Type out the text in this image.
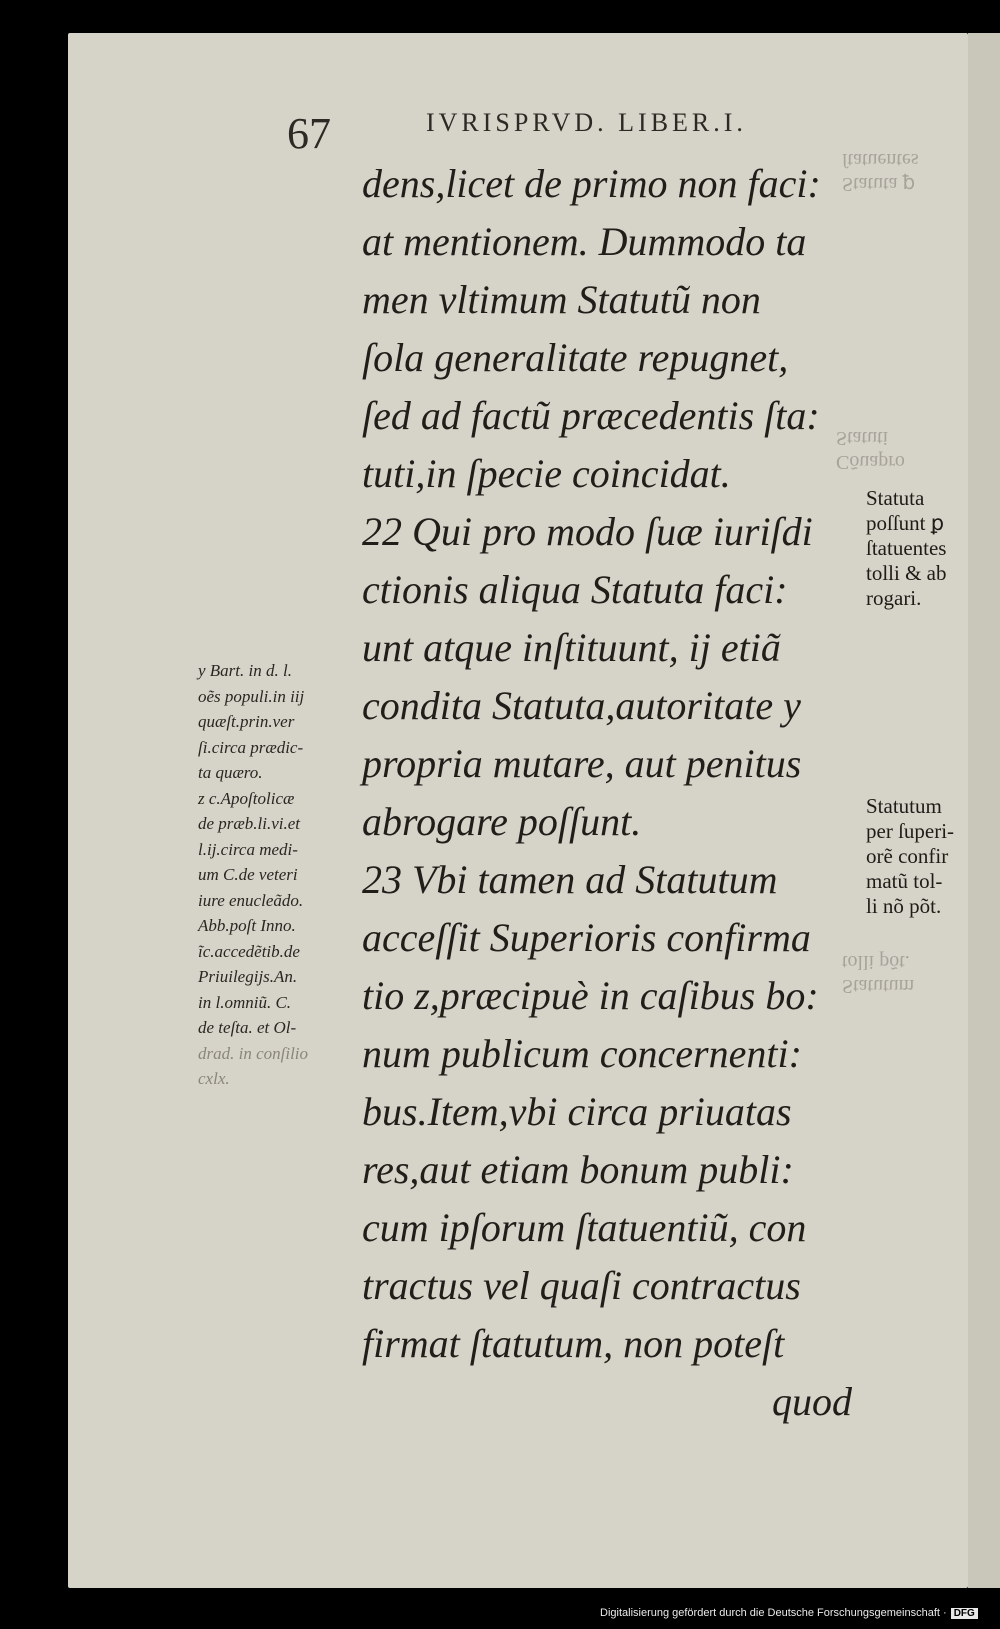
Statuta ꝑ
ſtatuentes
Cõuapro
Statuti
Statutum
tolli põt.
67	IVRISPRVD. LIBER.I.
dens,licet de primo non faci:
at mentionem. Dummodo ta
men vltimum Statutũ non
ſola generalitate repugnet,
ſed ad factũ præcedentis ſta:
tuti,in ſpecie coincidat.
22 Qui pro modo ſuæ iuriſdi
ctionis aliqua Statuta faci:
unt atque inſtituunt, ij etiã
condita Statuta,autoritate y
propria mutare, aut penitus
abrogare poſſunt.
23 Vbi tamen ad Statutum
acceſſit Superioris confirma
tio z,præcipuè in caſibus bo:
num publicum concernenti:
bus.Item,vbi circa priuatas
res,aut etiam bonum publi:
cum ipſorum ſtatuentiũ, con
tractus vel quaſi contractus
firmat ſtatutum, non poteſt
quod
y Bart. in d. l.
oẽs populi.in iij
quæſt.prin.ver
ſi.circa prædic-
ta quæro.
z c.Apoſtolicæ
de præb.li.vi.et
l.ij.circa medi-
um C.de veteri
iure enucleãdo.
Abb.poſt Inno.
ĩc.accedẽtib.de
Priuilegijs.An.
in l.omniũ. C.
de teſta. et Ol-
drad. in conſilio
cxlx.
Statuta
poſſunt ꝑ
ſtatuentes
tolli & ab
rogari.
Statutum
per ſuperi-
orẽ confir
matũ tol-
li nõ põt.
Digitalisierung gefördert durch die Deutsche Forschungsgemeinschaft · DFG
